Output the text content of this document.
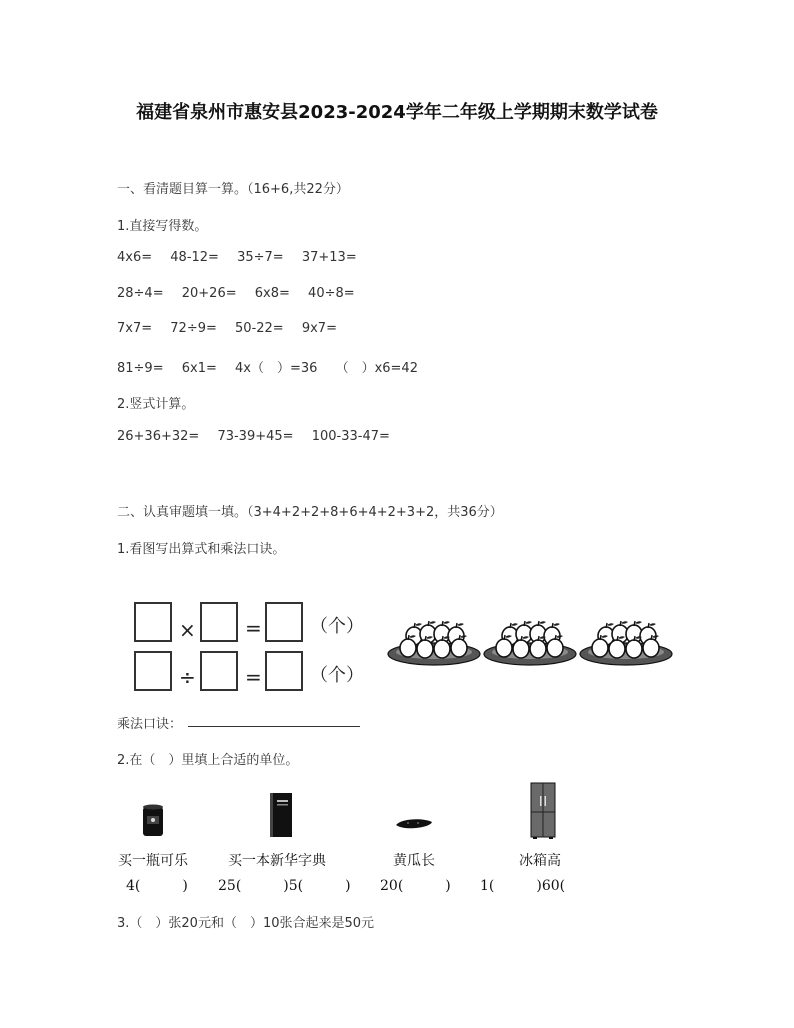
福建省泉州市惠安县2023-2024学年二年级上学期期末数学试卷
一、看清题目算一算。（16+6,共22分）
1.直接写得数。
4x6= 48-12= 35÷7= 37+13=
28÷4= 20+26= 6x8= 40÷8=
7x7= 72÷9= 50-22= 9x7=
81÷9= 6x1= 4x（　）=36 （　）x6=42
2.竖式计算。
26+36+32= 73-39+45= 100-33-47=
二、认真审题填一填。（3+4+2+2+8+6+4+2+3+2，共36分）
1.看图写出算式和乘法口诀。
× =	（个）
÷ =	（个）
乘法口诀：
2.在（　）里填上合适的单位。
买一瓶可乐	买一本新华字典	黄瓜长	冰箱高
4(　　　) 25(　　　)5(　　　) 20(　　　) 1(　　　)60(
3.（　）张20元和（　）10张合起来是50元
